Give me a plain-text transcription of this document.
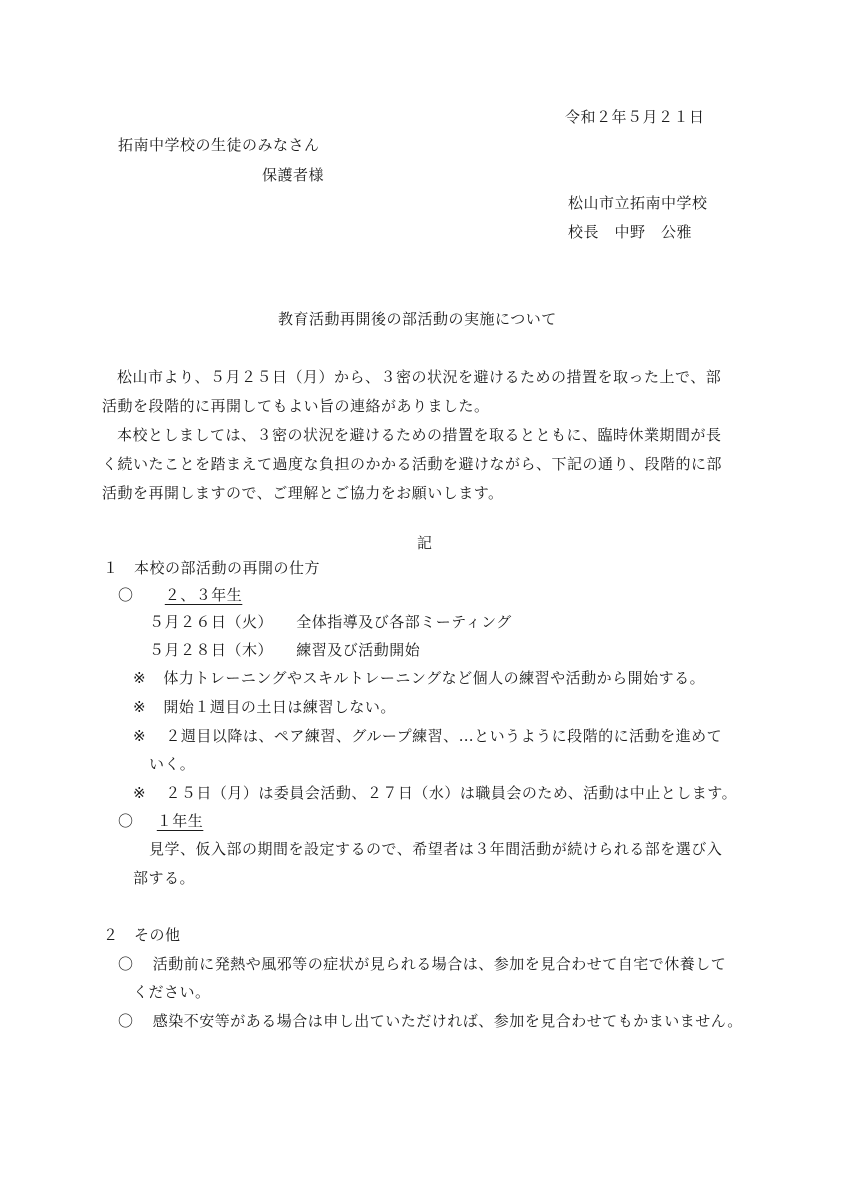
令和２年５月２１日
拓南中学校の生徒のみなさん
保護者様
松山市立拓南中学校
校長　中野　公雅
教育活動再開後の部活動の実施について
松山市より、５月２５日（月）から、３密の状況を避けるための措置を取った上で、部
活動を段階的に再開してもよい旨の連絡がありました。
本校としましては、３密の状況を避けるための措置を取るとともに、臨時休業期間が長
く続いたことを踏まえて過度な負担のかかる活動を避けながら、下記の通り、段階的に部
活動を再開しますので、ご理解とご協力をお願いします。
記
１　本校の部活動の再開の仕方
〇 ２、３年生
５月２６日（火） 全体指導及び各部ミーティング
５月２８日（木） 練習及び活動開始
※ 体力トレーニングやスキルトレーニングなど個人の練習や活動から開始する。
※ 開始１週目の土日は練習しない。
※ ２週目以降は、ペア練習、グループ練習、…というように段階的に活動を進めて
いく。
※ ２５日（月）は委員会活動、２７日（水）は職員会のため、活動は中止とします。
〇 １年生
見学、仮入部の期間を設定するので、希望者は３年間活動が続けられる部を選び入
部する。
２　その他
〇 活動前に発熱や風邪等の症状が見られる場合は、参加を見合わせて自宅で休養して
ください。
〇 感染不安等がある場合は申し出ていただければ、参加を見合わせてもかまいません。
